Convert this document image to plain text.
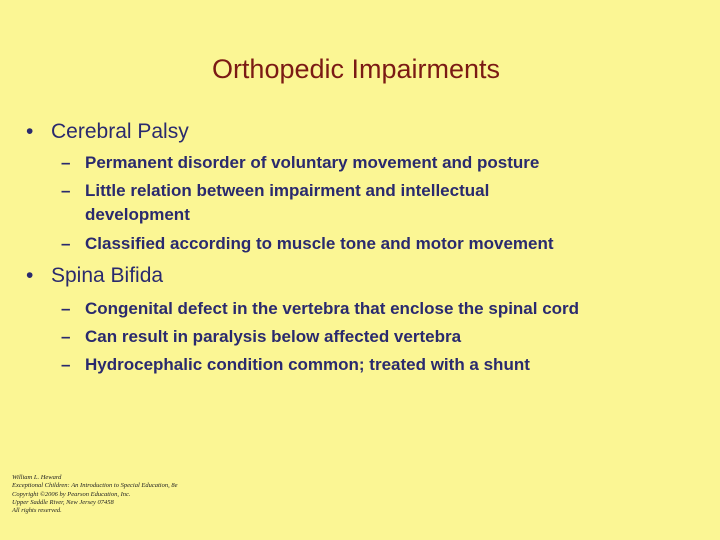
Orthopedic Impairments
• Cerebral Palsy
– Permanent disorder of voluntary movement and posture
– Little relation between impairment and intellectual development
– Classified according to muscle tone and motor movement
• Spina Bifida
– Congenital defect in the vertebra that enclose the spinal cord
– Can result in paralysis below affected vertebra
– Hydrocephalic condition common; treated with a shunt
William L. Heward
Exceptional Children: An Introduction to Special Education, 8e
Copyright ©2006 by Pearson Education, Inc.
Upper Saddle River, New Jersey 07458
All rights reserved.
